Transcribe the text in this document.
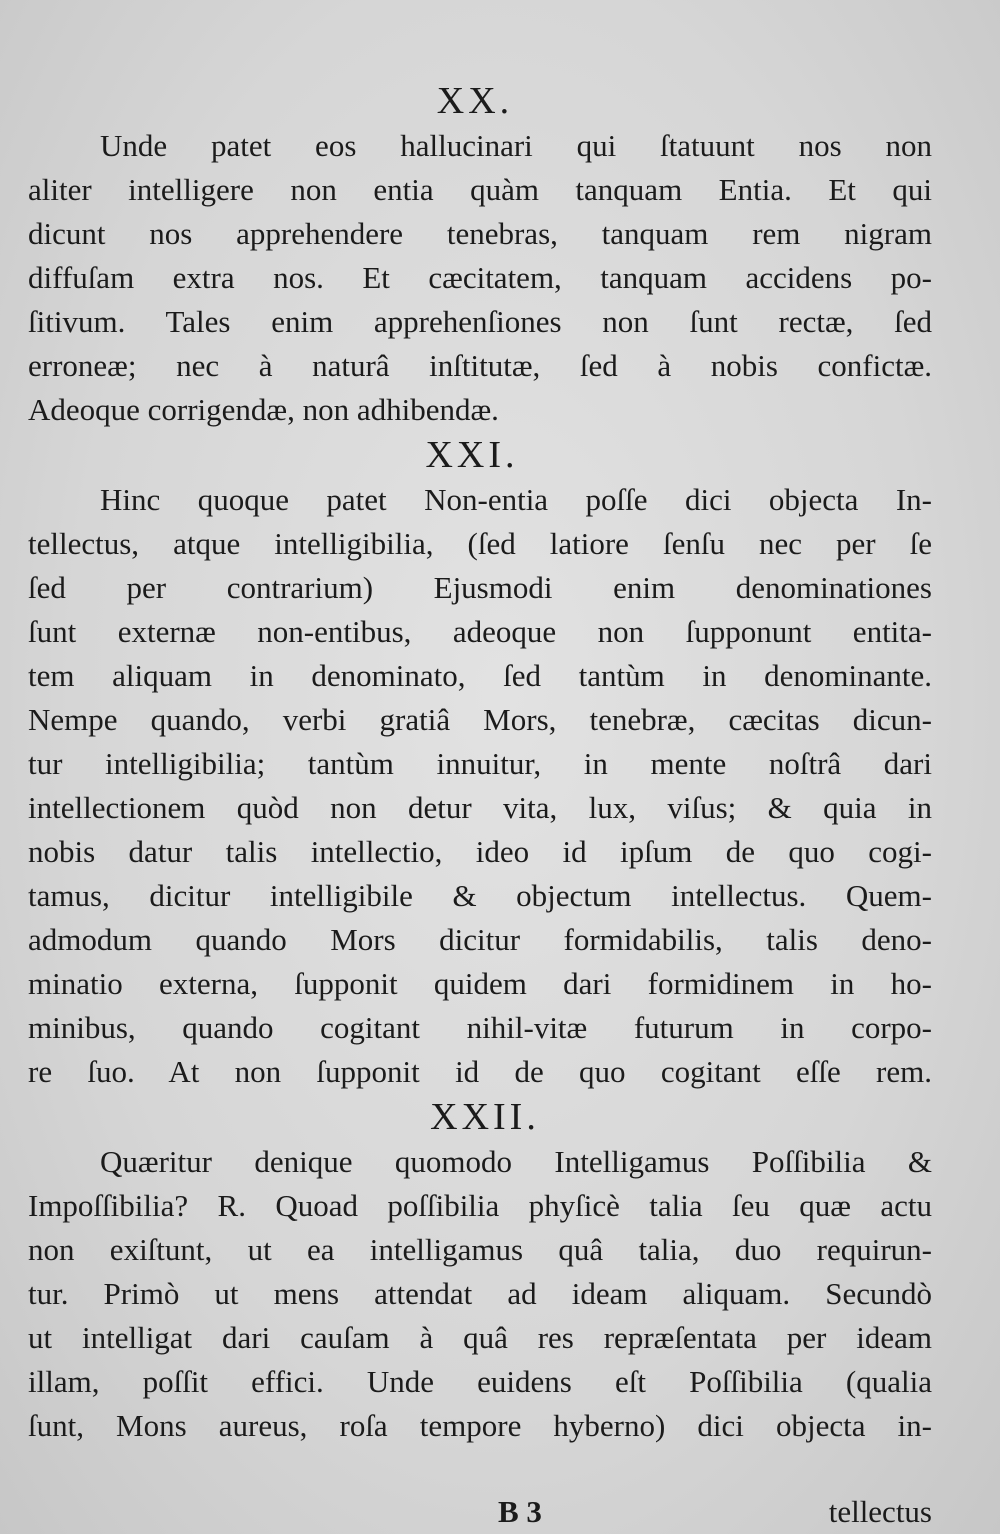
XX.
Unde patet eos hallucinari qui ſtatuunt nos non
aliter intelligere non entia quàm tanquam Entia. Et qui
dicunt nos apprehendere tenebras, tanquam rem nigram
diffuſam extra nos. Et cæcitatem, tanquam accidens po-
ſitivum. Tales enim apprehenſiones non ſunt rectæ, ſed
erroneæ; nec à naturâ inſtitutæ, ſed à nobis confictæ.
Adeoque corrigendæ, non adhibendæ.
XXI.
Hinc quoque patet Non-entia poſſe dici objecta In-
tellectus, atque intelligibilia, (ſed latiore ſenſu nec per ſe
ſed per contrarium) Ejusmodi enim denominationes
ſunt externæ non-entibus, adeoque non ſupponunt entita-
tem aliquam in denominato, ſed tantùm in denominante.
Nempe quando, verbi gratiâ Mors, tenebræ, cæcitas dicun-
tur intelligibilia; tantùm innuitur, in mente noſtrâ dari
intellectionem quòd non detur vita, lux, viſus; & quia in
nobis datur talis intellectio, ideo id ipſum de quo cogi-
tamus, dicitur intelligibile & objectum intellectus. Quem-
admodum quando Mors dicitur formidabilis, talis deno-
minatio externa, ſupponit quidem dari formidinem in ho-
minibus, quando cogitant nihil-vitæ futurum in corpo-
re ſuo. At non ſupponit id de quo cogitant eſſe rem.
XXII.
Quæritur denique quomodo Intelligamus Poſſibilia &
Impoſſibilia? R. Quoad poſſibilia phyſicè talia ſeu quæ actu
non exiſtunt, ut ea intelligamus quâ talia, duo requirun-
tur. Primò ut mens attendat ad ideam aliquam. Secundò
ut intelligat dari cauſam à quâ res repræſentata per ideam
illam, poſſit effici. Unde euidens eſt Poſſibilia (qualia
ſunt, Mons aureus, roſa tempore hyberno) dici objecta in-
B 3	tellectus
